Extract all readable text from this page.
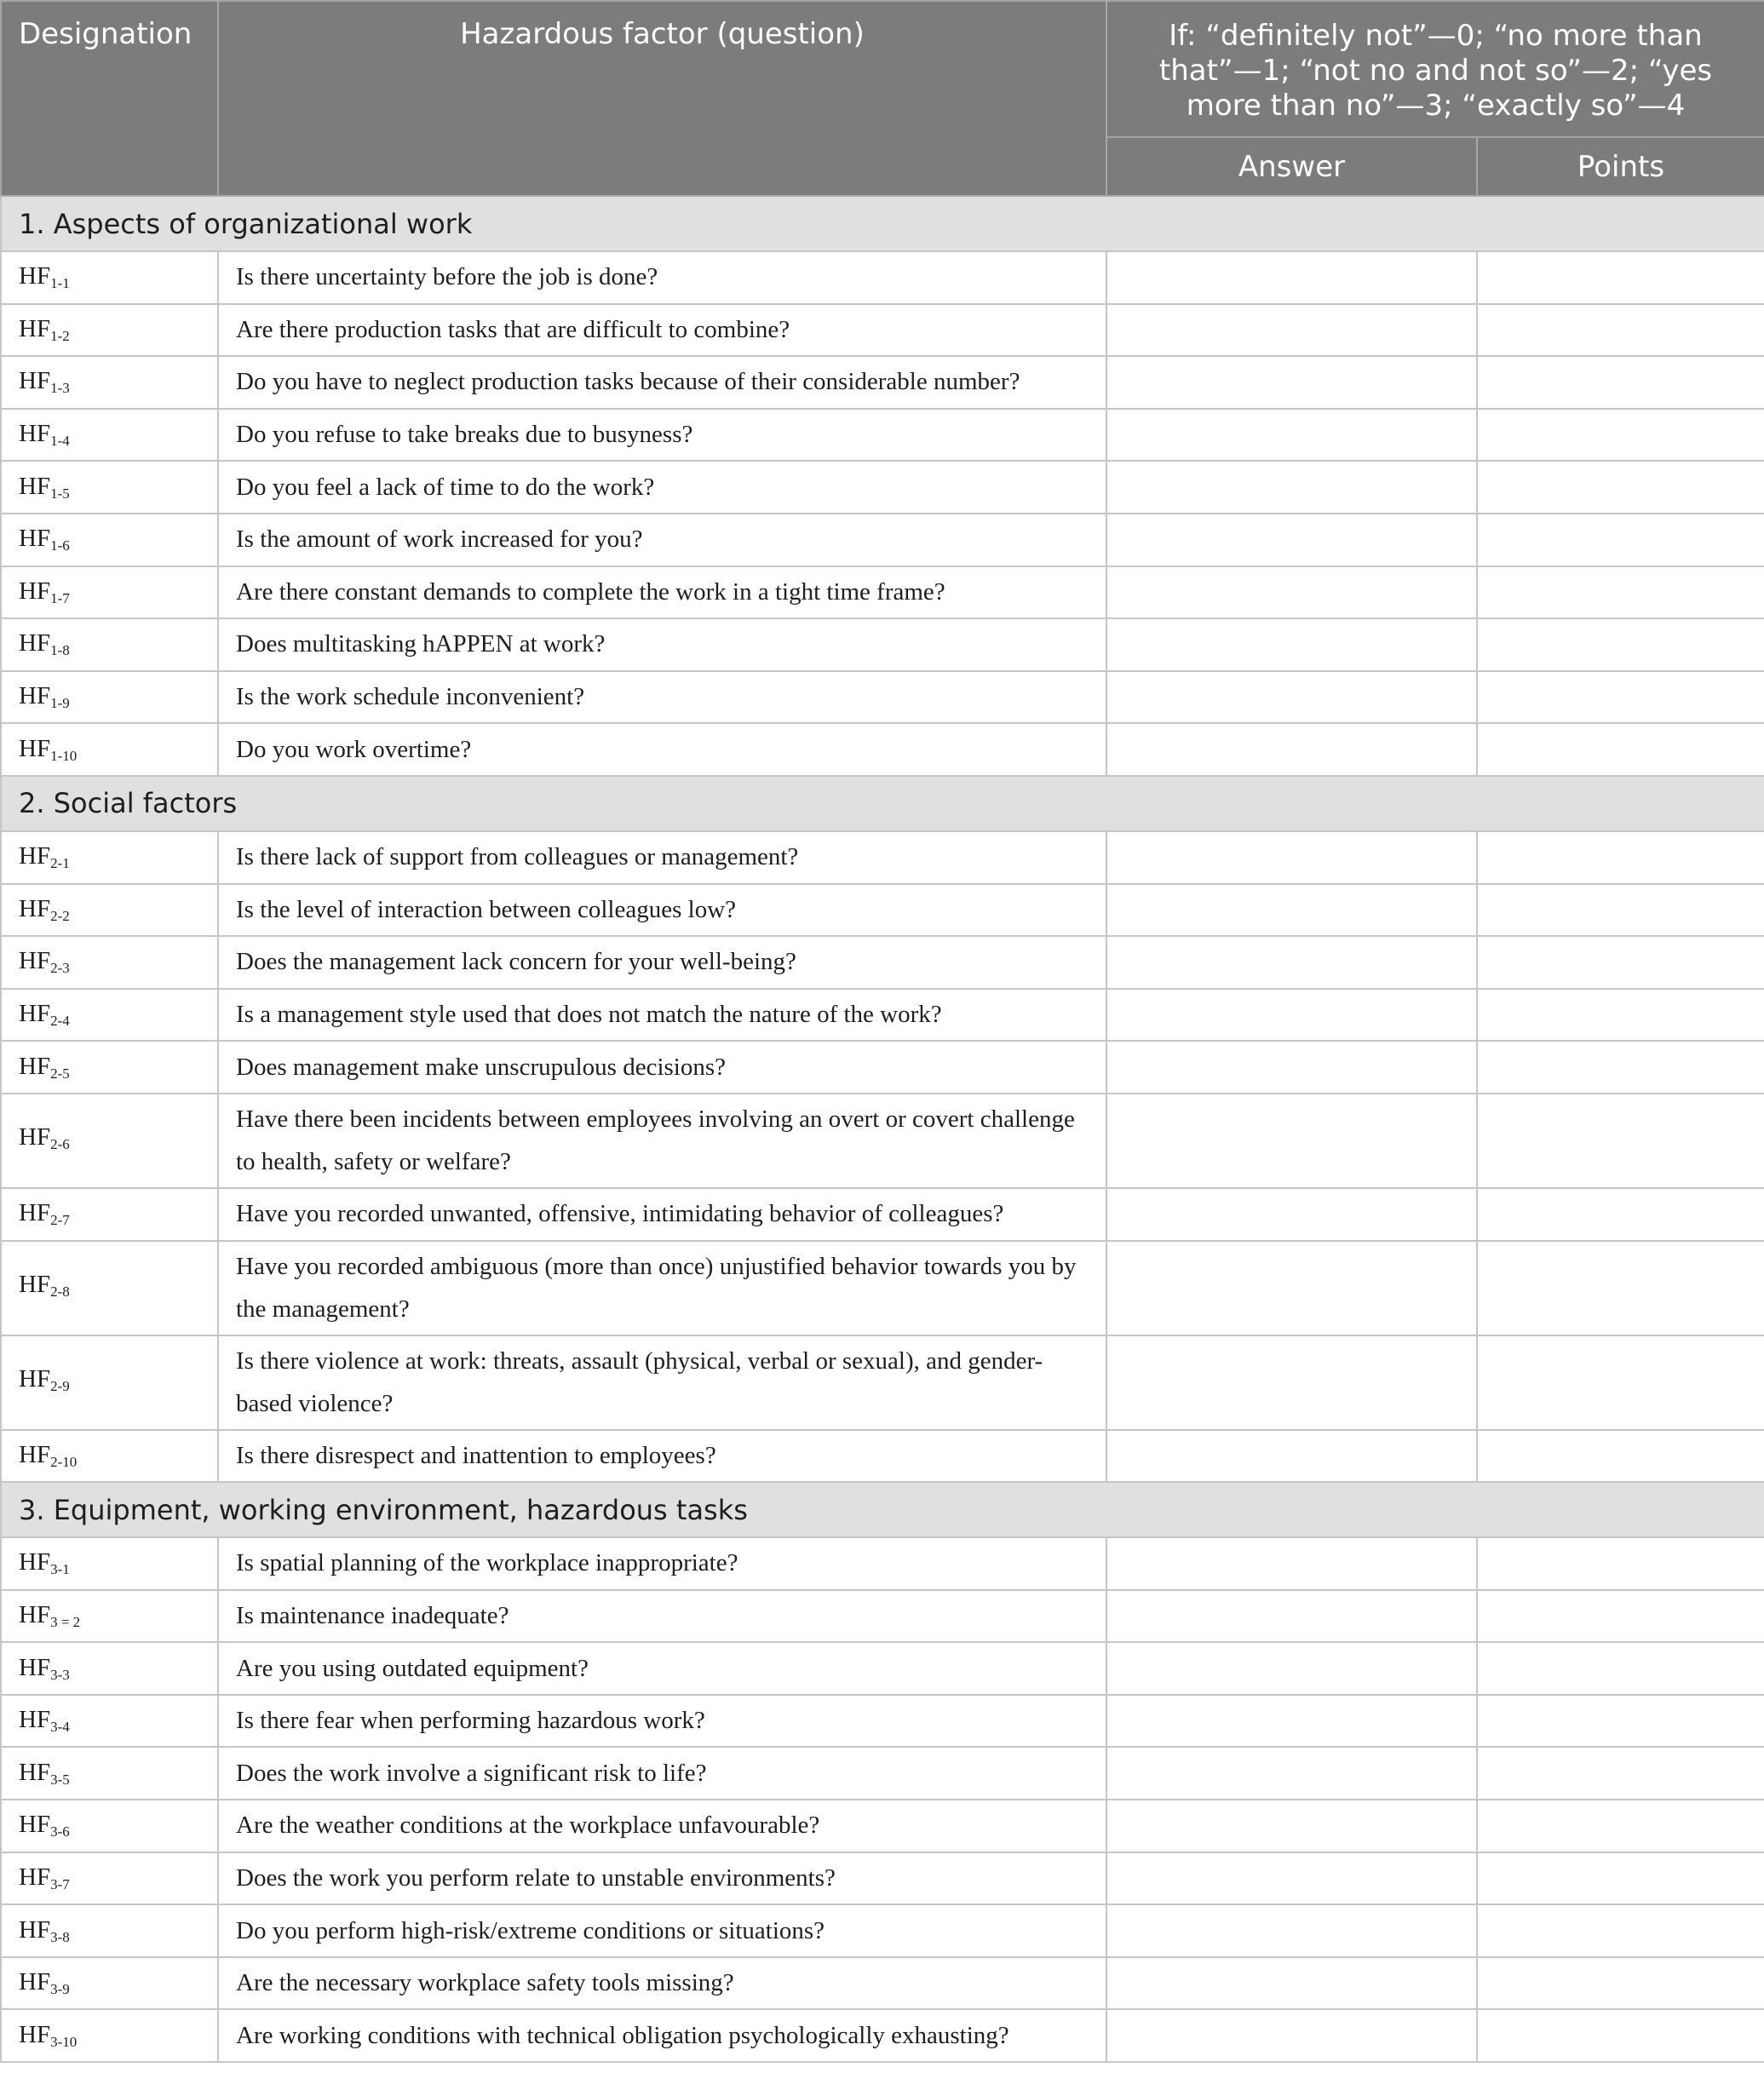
Designation	Hazardous factor (question)	If: “definitely not”—0; “no more than that”—1; “not no and not so”—2; “yes more than no”—3; “exactly so”—4	
		Answer	Points
1. Aspects of organizational work			
$HF_{1-1}$	Is there uncertainty before the job is done?		
$HF_{1-2}$	Are there production tasks that are difficult to combine?		
$HF_{1-3}$	Do you have to neglect production tasks because of their considerable number?		
$HF_{1-4}$	Do you refuse to take breaks due to busyness?		
$HF_{1-5}$	Do you feel a lack of time to do the work?		
$HF_{1-6}$	Is the amount of work increased for you?		
$HF_{1-7}$	Are there constant demands to complete the work in a tight time frame?		
$HF_{1-8}$	Does multitasking hAPPEN at work?		
$HF_{1-9}$	Is the work schedule inconvenient?		
$HF_{1-10}$	Do you work overtime?		
2. Social factors			
$HF_{2-1}$	Is there lack of support from colleagues or management?		
$HF_{2-2}$	Is the level of interaction between colleagues low?		
$HF_{2-3}$	Does the management lack concern for your well-being?		
$HF_{2-4}$	Is a management style used that does not match the nature of the work?		
$HF_{2-5}$	Does management make unscrupulous decisions?		
$HF_{2-6}$	Have there been incidents between employees involving an overt or covert challenge to health, safety or welfare?		
$HF_{2-7}$	Have you recorded unwanted, offensive, intimidating behavior of colleagues?		
$HF_{2-8}$	Have you recorded ambiguous (more than once) unjustified behavior towards you by the management?		
$HF_{2-9}$	Is there violence at work: threats, assault (physical, verbal or sexual), and gender-based violence?		
$HF_{2-10}$	Is there disrespect and inattention to employees?		
3. Equipment, working environment, hazardous tasks			
$HF_{3-1}$	Is spatial planning of the workplace inappropriate?		
$HF_{3 = 2}$	Is maintenance inadequate?		
$HF_{3-3}$	Are you using outdated equipment?		
$HF_{3-4}$	Is there fear when performing hazardous work?		
$HF_{3-5}$	Does the work involve a significant risk to life?		
$HF_{3-6}$	Are the weather conditions at the workplace unfavourable?		
$HF_{3-7}$	Does the work you perform relate to unstable environments?		
$HF_{3-8}$	Do you perform high-risk/extreme conditions or situations?		
$HF_{3-9}$	Are the necessary workplace safety tools missing?		
$HF_{3-10}$	Are working conditions with technical obligation psychologically exhausting?		
